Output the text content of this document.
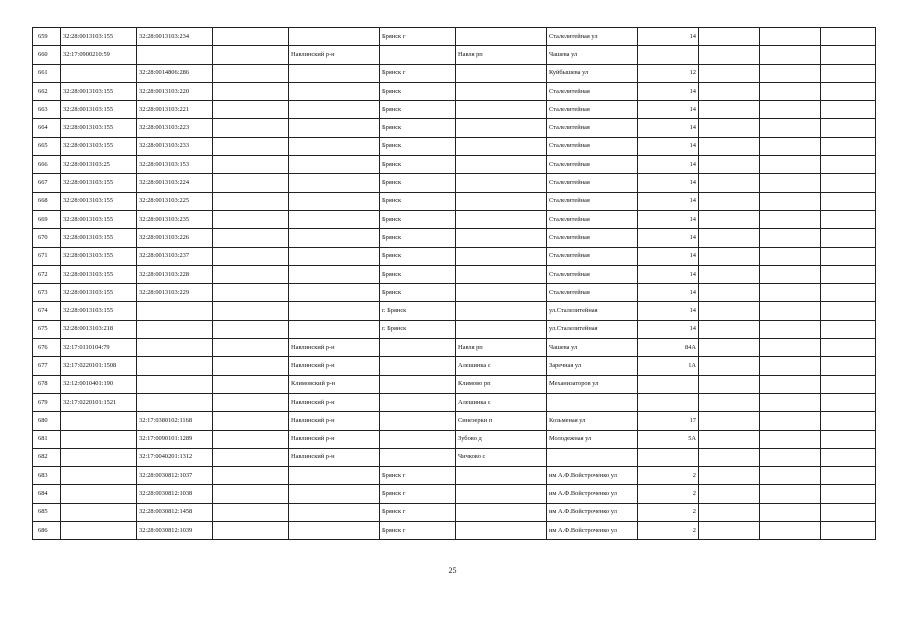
659	32:28:0013103:155	32:28:0013103:234			Брянск г		Сталелитейная ул	14			
660	32:17:0900210:59			Навлинский р-н		Навля рп	Чашева ул				
661		32:28:0014806:286			Брянск г		Куйбышева ул	12			
662	32:28:0013103:155	32:28:0013103:220			Брянск		Сталелитейная	14			
663	32:28:0013103:155	32:28:0013103:221			Брянск		Сталелитейная	14			
664	32:28:0013103:155	32:28:0013103:223			Брянск		Сталелитейная	14			
665	32:28:0013103:155	32:28:0013103:233			Брянск		Сталелитейная	14			
666	32:28:0013103:25	32:28:0013103:153			Брянск		Сталелитейная	14			
667	32:28:0013103:155	32:28:0013103:224			Брянск		Сталелитейная	14			
668	32:28:0013103:155	32:28:0013103:225			Брянск		Сталелитейная	14			
669	32:28:0013103:155	32:28:0013103:235			Брянск		Сталелитейная	14			
670	32:28:0013103:155	32:28:0013103:226			Брянск		Сталелитейная	14			
671	32:28:0013103:155	32:28:0013103:237			Брянск		Сталелитейная	14			
672	32:28:0013103:155	32:28:0013103:228			Брянск		Сталелитейная	14			
673	32:28:0013103:155	32:28:0013103:229			Брянск		Сталелитейная	14			
674	32:28:0013103:155				г. Брянск		ул.Сталелитейная	14			
675	32:28:0013103:218				г. Брянск		ул.Сталелитейная	14			
676	32:17:0110104:79			Навлинский р-н		Навля рп	Чашева ул	84А			
677	32:17:0220101:1508			Навлинский р-н		Алешинка с	Заречная ул	1А			
678	32:12:0010401:190			Климовский р-н		Климово рп	Механизаторов ул				
679	32:17:0220101:1521			Навлинский р-н		Алешинка с					
680		32:17:0380102:1168		Навлинский р-н		Синезерки п	Козьменая ул	17			
681		32:17:0090101:1289		Навлинский р-н		Зубово д	Молодежная ул	5А			
682		32:17:0040201:1312		Навлинский р-н		Чичково с					
683		32:28:0030812:1037			Брянск г		им А.Ф.Войстроченко ул	2			
684		32:28:0030812:1038			Брянск г		им А.Ф.Войстроченко ул	2			
685		32:28:0030812:1458			Брянск г		им А.Ф.Войстроченко ул	2			
686		32:28:0030812:1039			Брянск г		им А.Ф.Войстроченко ул	2			
25
